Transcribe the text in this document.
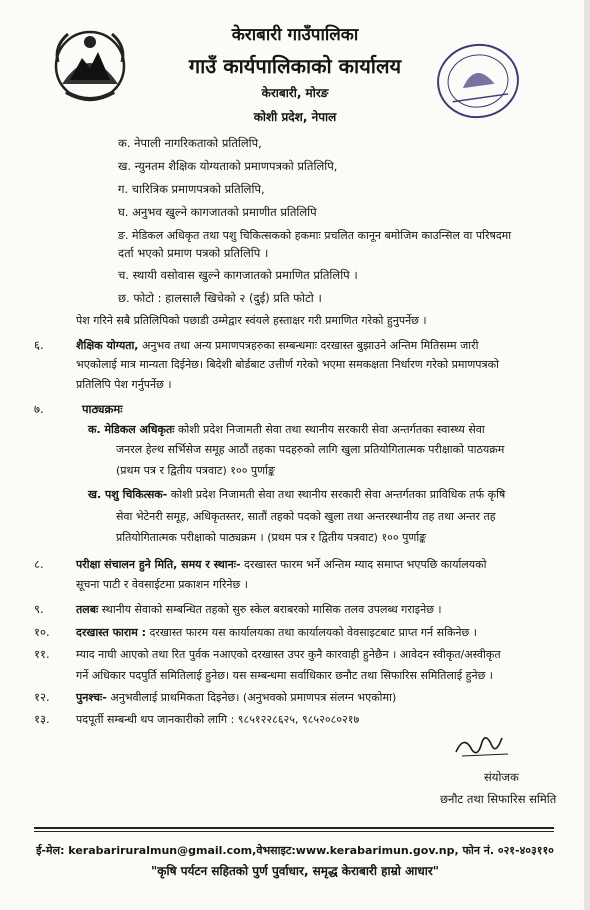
केराबारी गाउँपालिका
गाउँ कार्यपालिकाको कार्यालय
केराबारी, मोरङ
कोशी प्रदेश, नेपाल
क. नेपाली नागरिकताको प्रतिलिपि,
ख. न्युनतम शैक्षिक योग्यताको प्रमाणपत्रको प्रतिलिपि,
ग. चारित्रिक प्रमाणपत्रको प्रतिलिपि,
घ. अनुभव खुल्ने कागजातको प्रमाणीत प्रतिलिपि
ङ. मेडिकल अधिकृत तथा पशु चिकित्सकको हकमाः प्रचलित कानून बमोजिम काउन्सिल वा परिषदमा
दर्ता भएको प्रमाण पत्रको प्रतिलिपि ।
च. स्थायी वसोवास खुल्ने कागजातको प्रमाणित प्रतिलिपि ।
छ. फोटो : हालसालै खिचेको २ (दुई) प्रति फोटो ।
पेश गरिने सबै प्रतिलिपिको पछाडी उम्मेद्वार स्वंयले हस्ताक्षर गरी प्रमाणित गरेको हुनुपर्नेछ ।
६.	शैक्षिक योग्यता, अनुभव तथा अन्य प्रमाणपत्रहरुका सम्बन्धमाः दरखास्त बुझाउने अन्तिम मितिसम्म जारी
भएकोलाई मात्र मान्यता दिईनेछ। बिदेशी बोर्डबाट उत्तीर्ण गरेको भएमा समकक्षता निर्धारण गरेको प्रमाणपत्रको
प्रतिलिपि पेश गर्नुपर्नेछ ।
७.	पाठ्यक्रमः
क. मेडिकल अधिकृतः कोशी प्रदेश निजामती सेवा तथा स्थानीय सरकारी सेवा अन्तर्गतका स्वास्थ्य सेवा
जनरल हेल्थ सर्भिसेज समूह आठौं तहका पदहरुको लागि खुला प्रतियोगितात्मक परीक्षाको पाठयक्रम
(प्रथम पत्र र द्वितीय पत्रवाट) १०० पुर्णाङ्क
ख. पशु चिकित्सक- कोशी प्रदेश निजामती सेवा तथा स्थानीय सरकारी सेवा अन्तर्गतका प्राविधिक तर्फ कृषि
सेवा भेटेनरी समूह, अधिकृतस्तर, सातौं तहको पदको खुला तथा अन्तरस्थानीय तह तथा अन्तर तह
प्रतियोगितात्मक परीक्षाको पाठ्यक्रम । (प्रथम पत्र र द्वितीय पत्रवाट) १०० पुर्णाङ्क
८.	परीक्षा संचालन हुने मिति, समय र स्थानः- दरखास्त फारम भर्ने अन्तिम म्याद समाप्त भएपछि कार्यालयको
सूचना पाटी र वेवसाईटमा प्रकाशन गरिनेछ ।
९.	तलबः स्थानीय सेवाको सम्बन्धित तहको सुरु स्केल बराबरको मासिक तलव उपलब्ध गराइनेछ ।
१०. दरखास्त फाराम : दरखास्त फारम यस कार्यालयका तथा कार्यालयको वेवसाइटबाट प्राप्त गर्न सकिनेछ ।
११. म्याद नाघी आएको तथा रित पुर्वक नआएको दरखास्त उपर कुनै कारवाही हुनेछैन । आवेदन स्वीकृत/अस्वीकृत
गर्ने अधिकार पदपुर्ति समितिलाई हुनेछ। यस सम्बन्धमा सर्वाधिकार छनौट तथा सिफारिस समितिलाई हुनेछ ।
१२. पुनश्चः- अनुभवीलाई प्राथमिकता दिइनेछ। (अनुभवको प्रमाणपत्र संलग्न भएकोमा)
१३. पदपूर्ती सम्बन्धी थप जानकारीको लागि : ९८५१२२८६२५, ९८५२०८०२१७
संयोजक
छनौट तथा सिफारिस समिति
ई-मेल: kerabariruralmun@gmail.com,वेभसाइट:www.kerabarimun.gov.np, फोन नं. ०२१-४०३११०
"कृषि पर्यटन सहितको पुर्ण पुर्वाधार, समृद्ध केराबारी हाम्रो आधार"
